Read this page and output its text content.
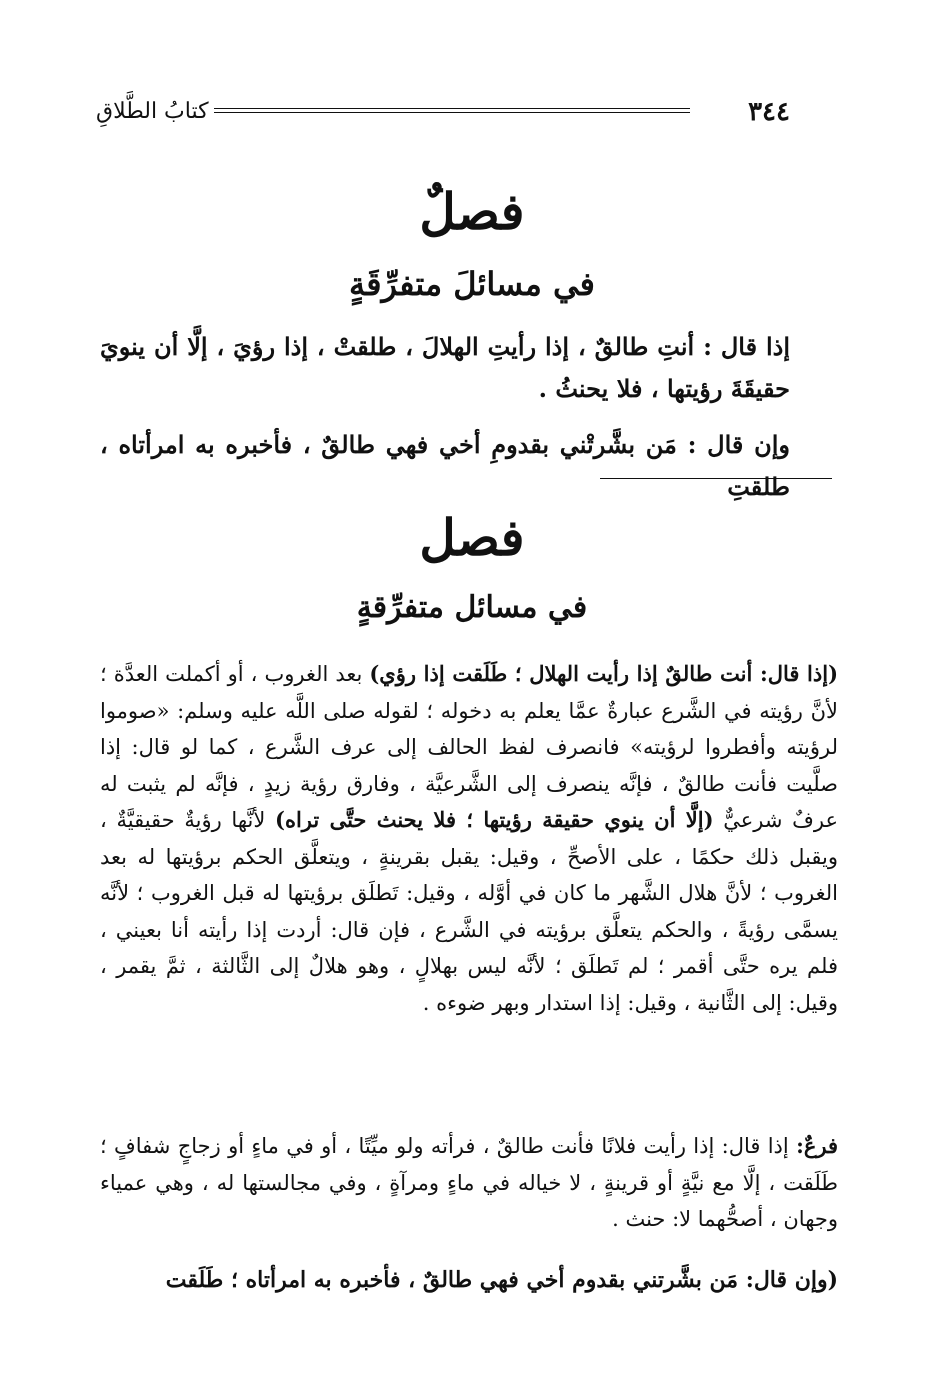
كتابُ الطَّلاقِ	٣٤٤
فصلٌ
في مسائلَ متفرِّقَةٍ
إذا قال : أنتِ طالقٌ ، إذا رأيتِ الهلالَ ، طلقتْ ، إذا رؤيَ ، إلَّا أن ينويَ حقيقَةَ رؤيتها ، فلا يحنثُ .
وإن قال : مَن بشَّرتْني بقدومِ أخي فهي طالقٌ ، فأخبره به امرأتاه ، طلقتِ
فصل
في مسائل متفرِّقةٍ
(إذا قال: أنت طالقٌ إذا رأيت الهلال ؛ طَلَقت إذا رؤي) بعد الغروب ، أو أكملت العدَّة ؛ لأنَّ رؤيته في الشَّرع عبارةٌ عمَّا يعلم به دخوله ؛ لقوله صلى اللَّه عليه وسلم: «صوموا لرؤيته وأفطروا لرؤيته» فانصرف لفظ الحالف إلى عرف الشَّرع ، كما لو قال: إذا صلَّيت فأنت طالقٌ ، فإنَّه ينصرف إلى الشَّرعيَّة ، وفارق رؤية زيدٍ ، فإنَّه لم يثبت له عرفٌ شرعيٌّ (إلَّا أن ينوي حقيقة رؤيتها ؛ فلا يحنث حتَّى تراه) لأنَّها رؤيةٌ حقيقيَّةٌ ، ويقبل ذلك حكمًا ، على الأصحِّ ، وقيل: يقبل بقرينةٍ ، ويتعلَّق الحكم برؤيتها له بعد الغروب ؛ لأنَّ هلال الشَّهر ما كان في أوَّله ، وقيل: تَطلَق برؤيتها له قبل الغروب ؛ لأنَّه يسمَّى رؤيةً ، والحكم يتعلَّق برؤيته في الشَّرع ، فإن قال: أردت إذا رأيته أنا بعيني ، فلم يره حتَّى أقمر ؛ لم تَطلَق ؛ لأنَّه ليس بهلالٍ ، وهو هلالٌ إلى الثَّالثة ، ثمَّ يقمر ، وقيل: إلى الثَّانية ، وقيل: إذا استدار وبهر ضوءه .
فرعٌ: إذا قال: إذا رأيت فلانًا فأنت طالقٌ ، فرأته ولو ميِّتًا ، أو في ماءٍ أو زجاجٍ شفافٍ ؛ طَلَقت ، إلَّا مع نيَّةٍ أو قرينةٍ ، لا خياله في ماءٍ ومرآةٍ ، وفي مجالستها له ، وهي عمياء وجهان ، أصحُّهما لا: حنث .
(وإن قال: مَن بشَّرتني بقدوم أخي فهي طالقٌ ، فأخبره به امرأتاه ؛ طَلَقت
